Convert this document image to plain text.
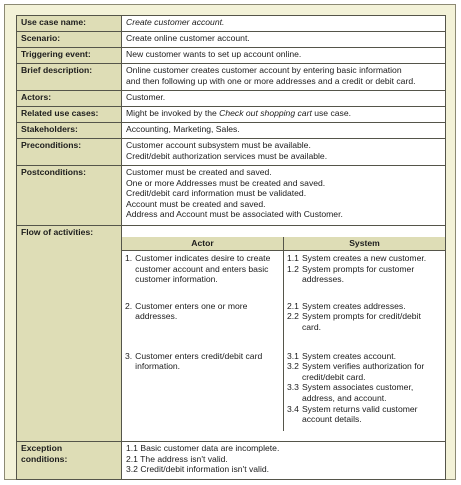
Use case name:	Create customer account.
Scenario:	Create online customer account.
Triggering event:	New customer wants to set up account online.
Brief description:	Online customer creates customer account by entering basic information
and then following up with one or more addresses and a credit or debit card.
Actors:	Customer.
Related use cases:	Might be invoked by the Check out shopping cart use case.
Stakeholders:	Accounting, Marketing, Sales.
Preconditions:	Customer account subsystem must be available.
Credit/debit authorization services must be available.
Postconditions:	Customer must be created and saved.
One or more Addresses must be created and saved.
Credit/debit card information must be validated.
Account must be created and saved.
Address and Account must be associated with Customer.
Flow of activities:	

Actor	System

1. Customer indicates desire to create customer account and enters basic customer information.

1.1 System creates a new customer.
1.2 System prompts for customer addresses.

2. Customer enters one or more addresses.

2.1 System creates addresses.
2.2 System prompts for credit/debit card.

3. Customer enters credit/debit card information.

3.1 System creates account.
3.2 System verifies authorization for credit/debit card.
3.3 System associates customer, address, and account.
3.4 System returns valid customer account details.

Exception
conditions:	1.1 Basic customer data are incomplete.
2.1 The address isn't valid.
3.2 Credit/debit information isn't valid.
